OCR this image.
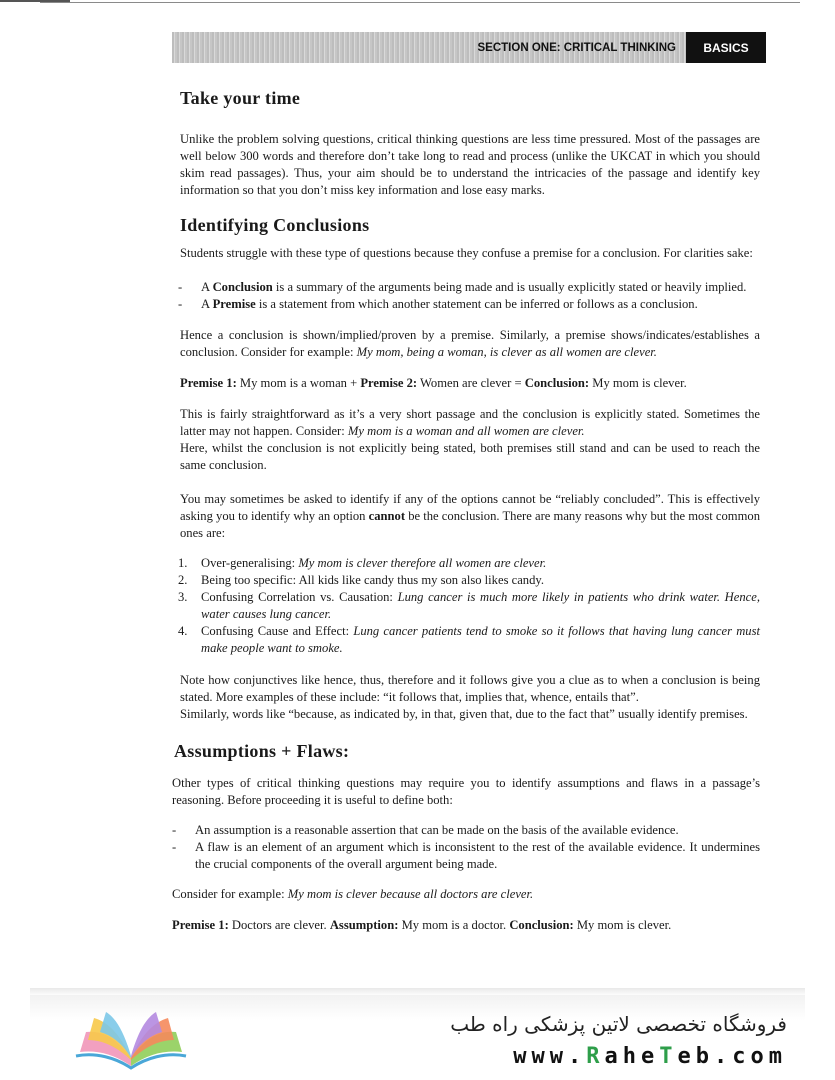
SECTION ONE: CRITICAL THINKING	BASICS
Take your time

Unlike the problem solving questions, critical thinking questions are less time pressured. Most of the passages are well below 300 words and therefore don’t take long to read and process (unlike the UKCAT in which you should skim read passages). Thus, your aim should be to understand the intricacies of the passage and identify key information so that you don’t miss key information and lose easy marks.

Identifying Conclusions

Students struggle with these type of questions because they confuse a premise for a conclusion. For clarities sake:

- A Conclusion is a summary of the arguments being made and is usually explicitly stated or heavily implied.
- A Premise is a statement from which another statement can be inferred or follows as a conclusion.

Hence a conclusion is shown/implied/proven by a premise. Similarly, a premise shows/indicates/establishes a conclusion. Consider for example: My mom, being a woman, is clever as all women are clever.

Premise 1: My mom is a woman + Premise 2: Women are clever = Conclusion: My mom is clever.

This is fairly straightforward as it’s a very short passage and the conclusion is explicitly stated. Sometimes the latter may not happen. Consider: My mom is a woman and all women are clever.

Here, whilst the conclusion is not explicitly being stated, both premises still stand and can be used to reach the same conclusion.

You may sometimes be asked to identify if any of the options cannot be “reliably concluded”. This is effectively asking you to identify why an option cannot be the conclusion. There are many reasons why but the most common ones are:

1. Over-generalising: My mom is clever therefore all women are clever.
2. Being too specific: All kids like candy thus my son also likes candy.
3. Confusing Correlation vs. Causation: Lung cancer is much more likely in patients who drink water. Hence, water causes lung cancer.
4. Confusing Cause and Effect: Lung cancer patients tend to smoke so it follows that having lung cancer must make people want to smoke.

Note how conjunctives like hence, thus, therefore and it follows give you a clue as to when a conclusion is being stated. More examples of these include: “it follows that, implies that, whence, entails that”.

Similarly, words like “because, as indicated by, in that, given that, due to the fact that” usually identify premises.

Assumptions + Flaws:

Other types of critical thinking questions may require you to identify assumptions and flaws in a passage’s reasoning. Before proceeding it is useful to define both:

- An assumption is a reasonable assertion that can be made on the basis of the available evidence.
- A flaw is an element of an argument which is inconsistent to the rest of the available evidence. It undermines the crucial components of the overall argument being made.

Consider for example: My mom is clever because all doctors are clever.

Premise 1: Doctors are clever. Assumption: My mom is a doctor. Conclusion: My mom is clever.

فروشگاه تخصصی لاتین پزشکی راه طب
www.RaheTeb.com
